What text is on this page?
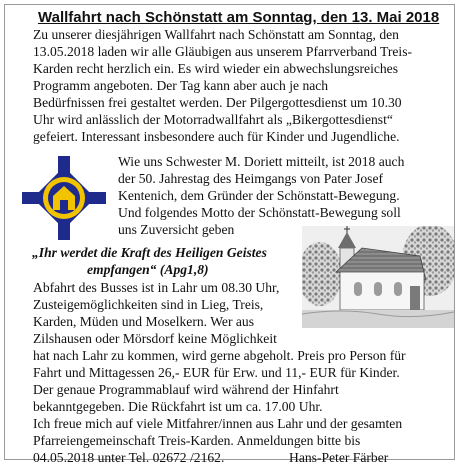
Wallfahrt nach Schönstatt am Sonntag, den 13. Mai 2018
Zu unserer diesjährigen Wallfahrt nach Schönstatt am Sonntag, den
13.05.2018 laden wir alle Gläubigen aus unserem Pfarrverband Treis-
Karden recht herzlich ein. Es wird wieder ein abwechslungsreiches
Programm angeboten. Der Tag kann aber auch je nach
Bedürfnissen frei gestaltet werden. Der Pilgergottesdienst um 10.30
Uhr wird anlässlich der Motorradwallfahrt als „Bikergottesdienst“
gefeiert. Interessant insbesondere auch für Kinder und Jugendliche.
Wie uns Schwester M. Doriett mitteilt, ist 2018 auch
der 50. Jahrestag des Heimgangs von Pater Josef
Kentenich, dem Gründer der Schönstatt-Bewegung.
Und folgendes Motto der Schönstatt-Bewegung soll
uns Zuversicht geben
„Ihr werdet die Kraft des Heiligen Geistes
empfangen“ (Apg1,8)
Abfahrt des Busses ist in Lahr um 08.30 Uhr,
Zusteigemöglichkeiten sind in Lieg, Treis,
Karden, Müden und Moselkern. Wer aus
Zilshausen oder Mörsdorf keine Möglichkeit
hat nach Lahr zu kommen, wird gerne abgeholt. Preis pro Person für
Fahrt und Mittagessen 26,- EUR für Erw. und 11,- EUR für Kinder.
Der genaue Programmablauf wird während der Hinfahrt
bekanntgegeben. Die Rückfahrt ist um ca. 17.00 Uhr.
Ich freue mich auf viele Mitfahrer/innen aus Lahr und der gesamten
Pfarreiengemeinschaft Treis-Karden. Anmeldungen bitte bis
04.05.2018 unter Tel. 02672 /2162.	Hans-Peter Färber
